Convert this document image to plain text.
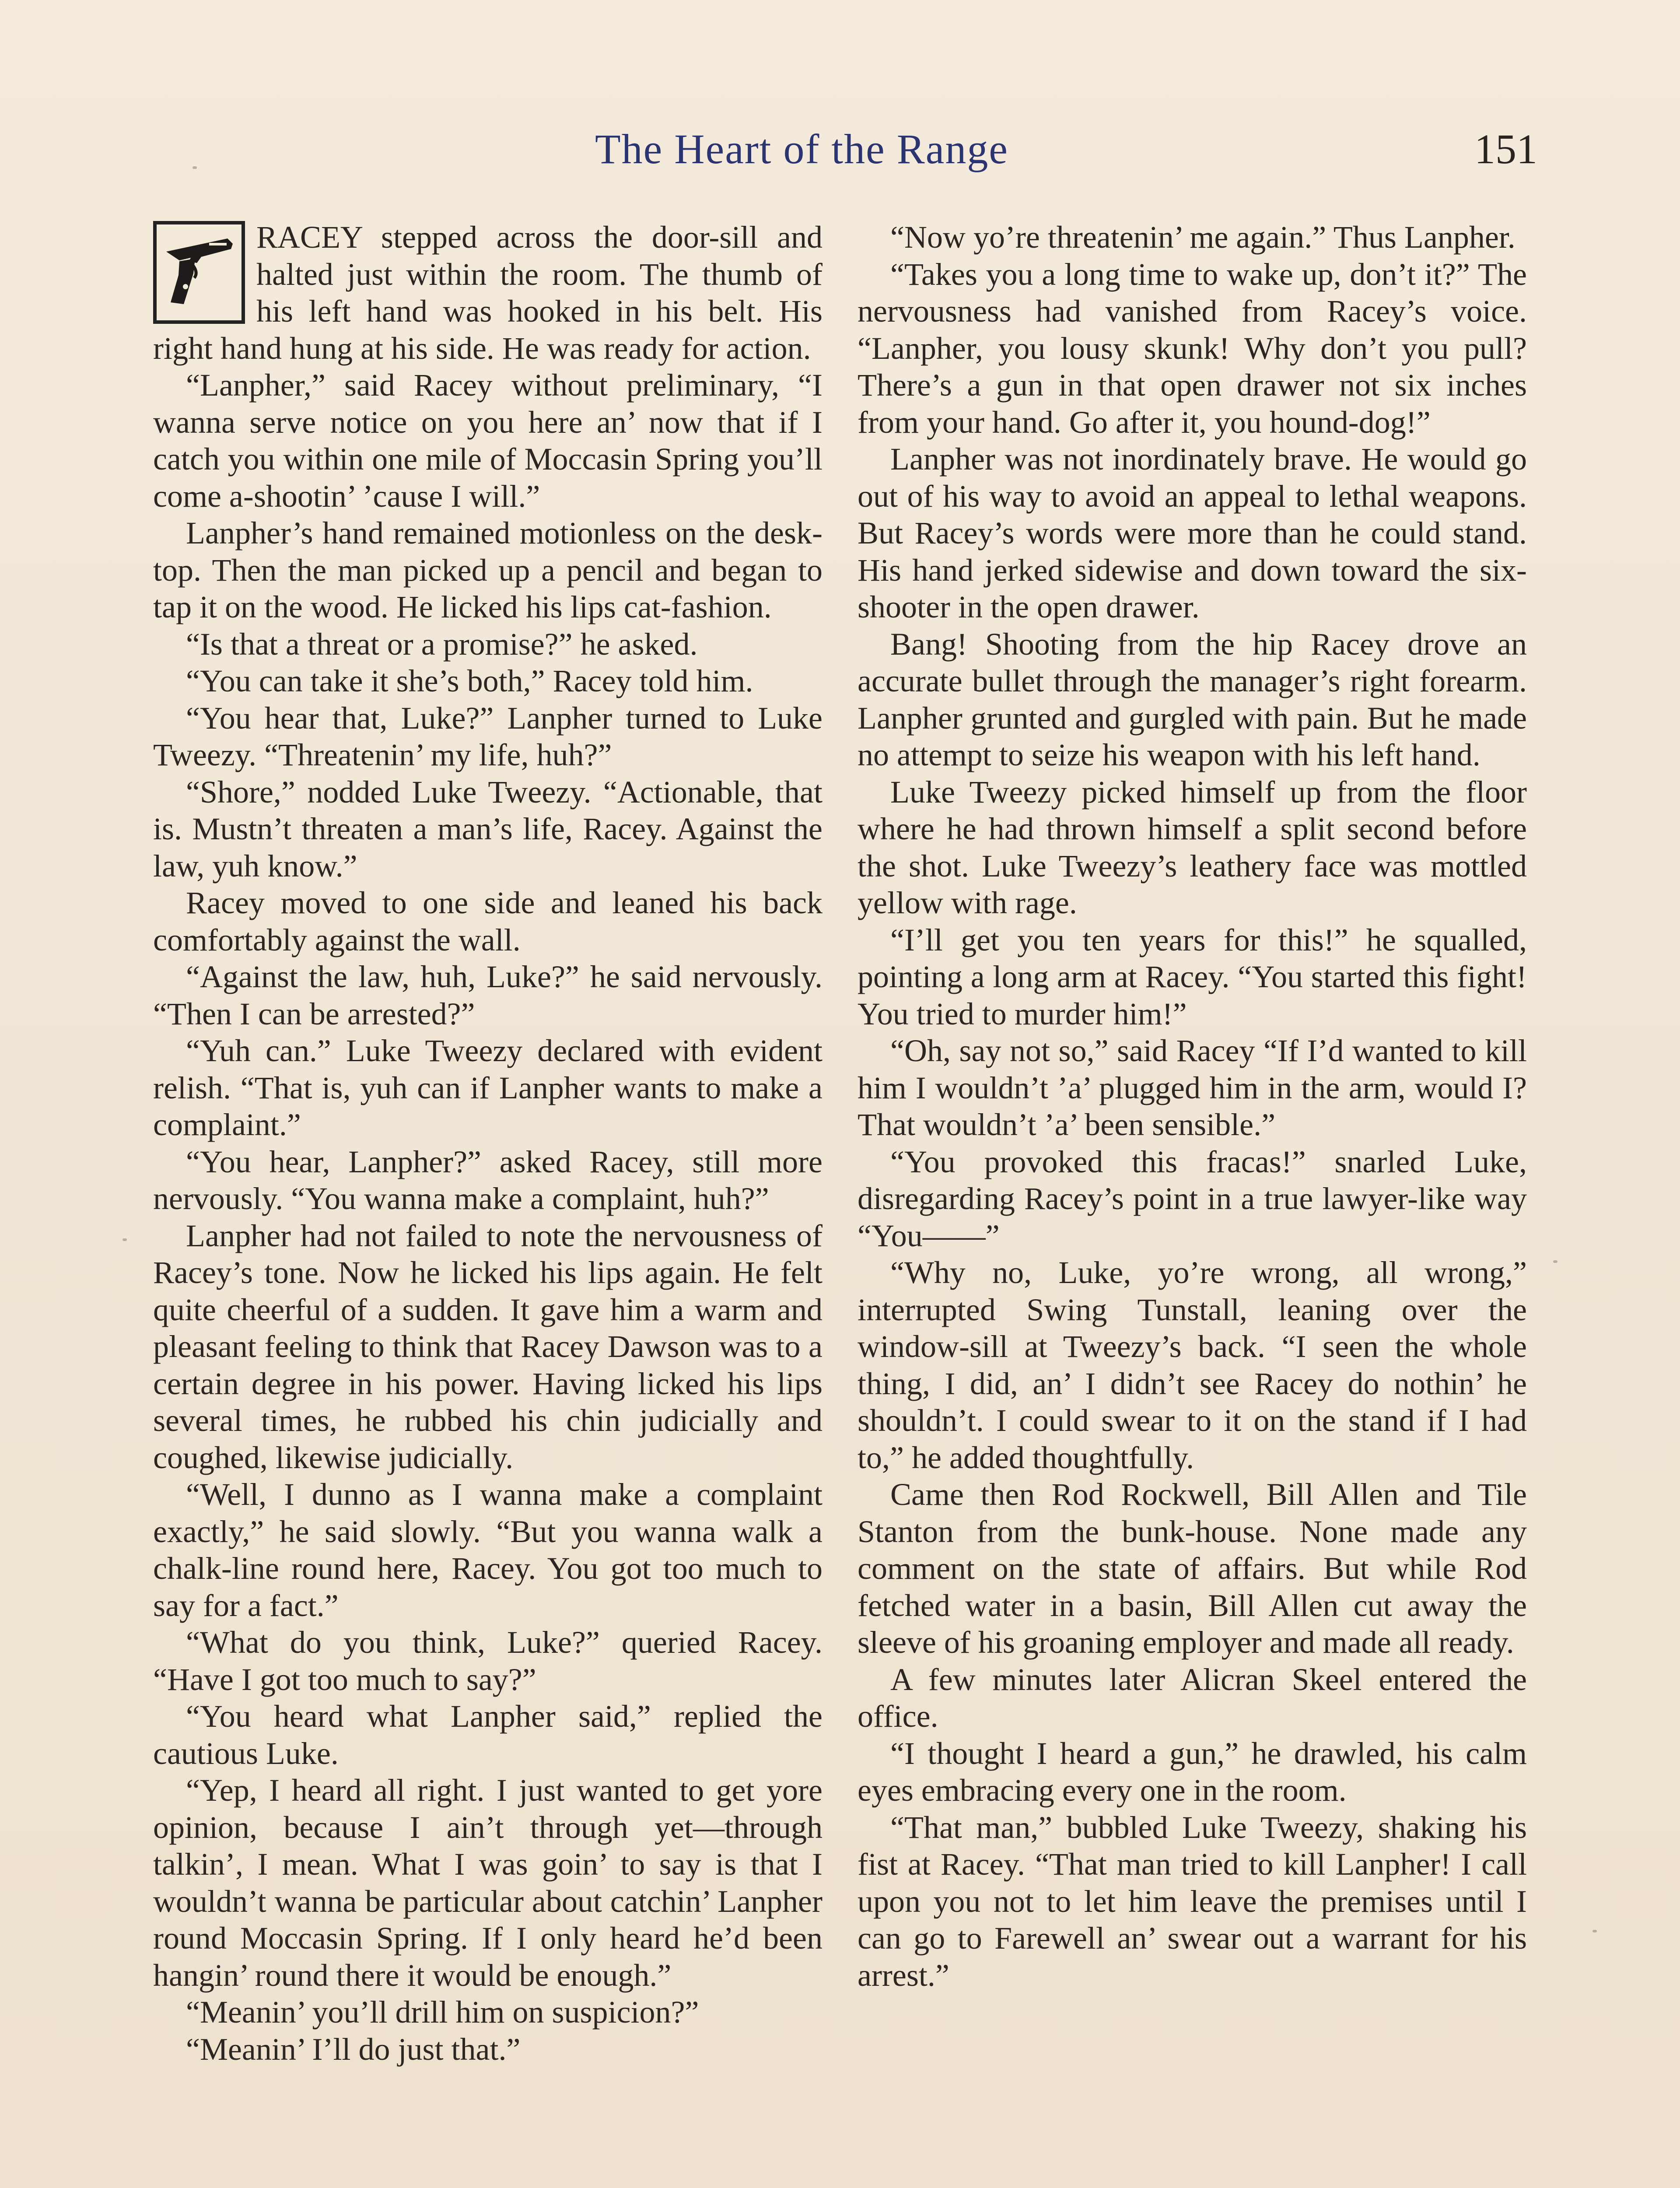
The Heart of the Range	151

RACEY stepped across the door-sill and halted just within the room. The thumb of his left hand was hooked in his belt. His right hand hung at his side. He was ready for action.

“Lanpher,” said Racey without preliminary, “I wanna serve notice on you here an’ now that if I catch you within one mile of Moccasin Spring you’ll come a-shootin’ ’cause I will.”

Lanpher’s hand remained motionless on the desk-top. Then the man picked up a pencil and began to tap it on the wood. He licked his lips cat-fashion.

“Is that a threat or a promise?” he asked.

“You can take it she’s both,” Racey told him.

“You hear that, Luke?” Lanpher turned to Luke Tweezy. “Threatenin’ my life, huh?”

“Shore,” nodded Luke Tweezy. “Actionable, that is. Mustn’t threaten a man’s life, Racey. Against the law, yuh know.”

Racey moved to one side and leaned his back comfortably against the wall.

“Against the law, huh, Luke?” he said nervously. “Then I can be arrested?”

“Yuh can.” Luke Tweezy declared with evident relish. “That is, yuh can if Lanpher wants to make a complaint.”

“You hear, Lanpher?” asked Racey, still more nervously. “You wanna make a complaint, huh?”

Lanpher had not failed to note the nervousness of Racey’s tone. Now he licked his lips again. He felt quite cheerful of a sudden. It gave him a warm and pleasant feeling to think that Racey Dawson was to a certain degree in his power. Having licked his lips several times, he rubbed his chin judicially and coughed, likewise judicially.

“Well, I dunno as I wanna make a complaint exactly,” he said slowly. “But you wanna walk a chalk-line round here, Racey. You got too much to say for a fact.”

“What do you think, Luke?” queried Racey. “Have I got too much to say?”

“You heard what Lanpher said,” replied the cautious Luke.

“Yep, I heard all right. I just wanted to get yore opinion, because I ain’t through yet—through talkin’, I mean. What I was goin’ to say is that I wouldn’t wanna be particular about catchin’ Lanpher round Moccasin Spring. If I only heard he’d been hangin’ round there it would be enough.”

“Meanin’ you’ll drill him on suspicion?”

“Meanin’ I’ll do just that.”

“Now yo’re threatenin’ me again.” Thus Lanpher.

“Takes you a long time to wake up, don’t it?” The nervousness had vanished from Racey’s voice. “Lanpher, you lousy skunk! Why don’t you pull? There’s a gun in that open drawer not six inches from your hand. Go after it, you hound-dog!”

Lanpher was not inordinately brave. He would go out of his way to avoid an appeal to lethal weapons. But Racey’s words were more than he could stand. His hand jerked sidewise and down toward the six-shooter in the open drawer.

Bang! Shooting from the hip Racey drove an accurate bullet through the manager’s right forearm. Lanpher grunted and gurgled with pain. But he made no attempt to seize his weapon with his left hand.

Luke Tweezy picked himself up from the floor where he had thrown himself a split second before the shot. Luke Tweezy’s leathery face was mottled yellow with rage.

“I’ll get you ten years for this!” he squalled, pointing a long arm at Racey. “You started this fight! You tried to murder him!”

“Oh, say not so,” said Racey “If I’d wanted to kill him I wouldn’t ’a’ plugged him in the arm, would I? That wouldn’t ’a’ been sensible.”

“You provoked this fracas!” snarled Luke, disregarding Racey’s point in a true lawyer-like way “You——”

“Why no, Luke, yo’re wrong, all wrong,” interrupted Swing Tunstall, leaning over the window-sill at Tweezy’s back. “I seen the whole thing, I did, an’ I didn’t see Racey do nothin’ he shouldn’t. I could swear to it on the stand if I had to,” he added thoughtfully.

Came then Rod Rockwell, Bill Allen and Tile Stanton from the bunk-house. None made any comment on the state of affairs. But while Rod fetched water in a basin, Bill Allen cut away the sleeve of his groaning employer and made all ready.

A few minutes later Alicran Skeel entered the office.

“I thought I heard a gun,” he drawled, his calm eyes embracing every one in the room.

“That man,” bubbled Luke Tweezy, shaking his fist at Racey. “That man tried to kill Lanpher! I call upon you not to let him leave the premises until I can go to Farewell an’ swear out a warrant for his arrest.”
